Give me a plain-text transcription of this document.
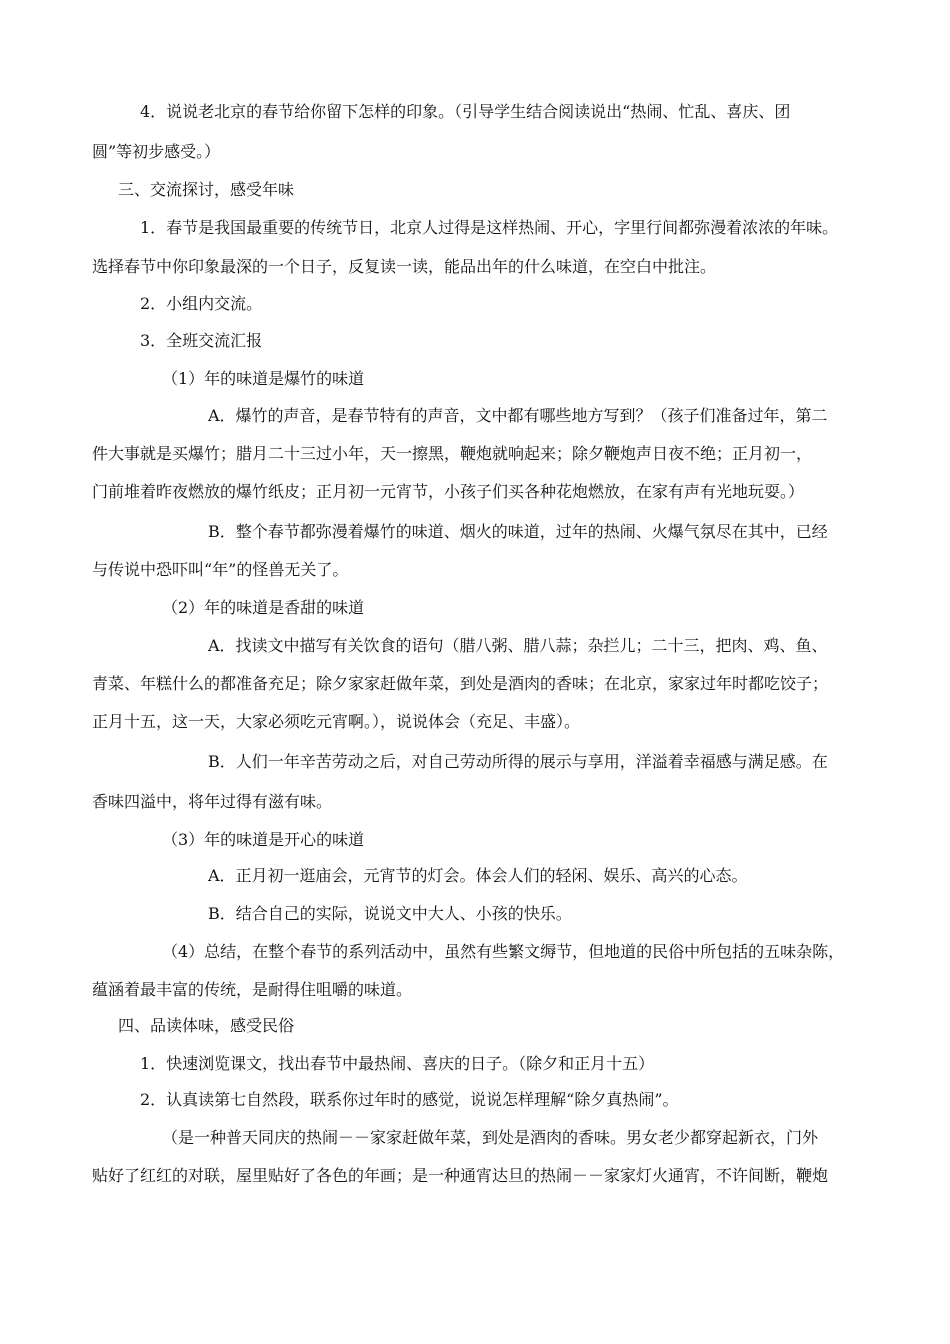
4．说说老北京的春节给你留下怎样的印象。（引导学生结合阅读说出“热闹、忙乱、喜庆、团
圆”等初步感受。）
三、交流探讨，感受年味
1．春节是我国最重要的传统节日，北京人过得是这样热闹、开心，字里行间都弥漫着浓浓的年味。
选择春节中你印象最深的一个日子，反复读一读，能品出年的什么味道，在空白中批注。
2．小组内交流。
3．全班交流汇报
（1）年的味道是爆竹的味道
A．爆竹的声音，是春节特有的声音，文中都有哪些地方写到？（孩子们准备过年，第二
件大事就是买爆竹；腊月二十三过小年，天一擦黑，鞭炮就响起来；除夕鞭炮声日夜不绝；正月初一，
门前堆着昨夜燃放的爆竹纸皮；正月初一元宵节，小孩子们买各种花炮燃放，在家有声有光地玩耍。）
B．整个春节都弥漫着爆竹的味道、烟火的味道，过年的热闹、火爆气氛尽在其中，已经
与传说中恐吓叫“年”的怪兽无关了。
（2）年的味道是香甜的味道
A．找读文中描写有关饮食的语句（腊八粥、腊八蒜；杂拦儿；二十三，把肉、鸡、鱼、
青菜、年糕什么的都准备充足；除夕家家赶做年菜，到处是酒肉的香味；在北京，家家过年时都吃饺子；
正月十五，这一天，大家必须吃元宵啊。），说说体会（充足、丰盛）。
B．人们一年辛苦劳动之后，对自己劳动所得的展示与享用，洋溢着幸福感与满足感。在
香味四溢中，将年过得有滋有味。
（3）年的味道是开心的味道
A．正月初一逛庙会，元宵节的灯会。体会人们的轻闲、娱乐、高兴的心态。
B．结合自己的实际，说说文中大人、小孩的快乐。
（4）总结，在整个春节的系列活动中，虽然有些繁文缛节，但地道的民俗中所包括的五味杂陈，
蕴涵着最丰富的传统，是耐得住咀嚼的味道。
四、品读体味，感受民俗
1．快速浏览课文，找出春节中最热闹、喜庆的日子。（除夕和正月十五）
2．认真读第七自然段，联系你过年时的感觉，说说怎样理解“除夕真热闹”。
（是一种普天同庆的热闹－－家家赶做年菜，到处是酒肉的香味。男女老少都穿起新衣，门外
贴好了红红的对联，屋里贴好了各色的年画；是一种通宵达旦的热闹－－家家灯火通宵，不许间断，鞭炮
